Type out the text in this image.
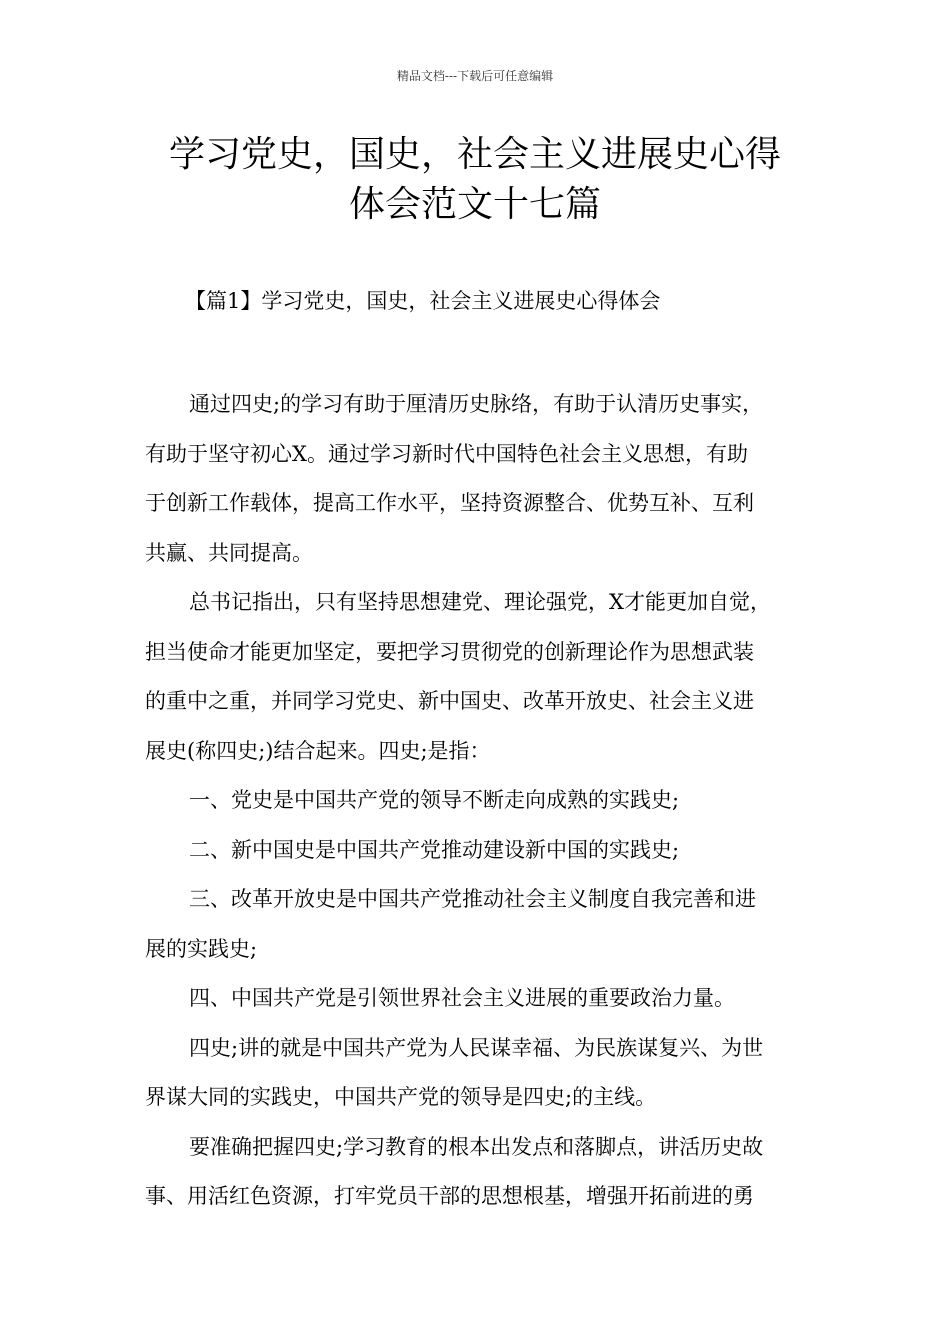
精品文档---下载后可任意编辑
学习党史，国史，社会主义进展史心得
体会范文十七篇
【篇1】学习党史，国史，社会主义进展史心得体会
通过四史;的学习有助于厘清历史脉络，有助于认清历史事实，
有助于坚守初心X。通过学习新时代中国特色社会主义思想，有助
于创新工作载体，提高工作水平，坚持资源整合、优势互补、互利
共赢、共同提高。
总书记指出，只有坚持思想建党、理论强党，X才能更加自觉，
担当使命才能更加坚定，要把学习贯彻党的创新理论作为思想武装
的重中之重，并同学习党史、新中国史、改革开放史、社会主义进
展史(称四史;)结合起来。四史;是指：
一、党史是中国共产党的领导不断走向成熟的实践史;
二、新中国史是中国共产党推动建设新中国的实践史;
三、改革开放史是中国共产党推动社会主义制度自我完善和进
展的实践史;
四、中国共产党是引领世界社会主义进展的重要政治力量。
四史;讲的就是中国共产党为人民谋幸福、为民族谋复兴、为世
界谋大同的实践史，中国共产党的领导是四史;的主线。
要准确把握四史;学习教育的根本出发点和落脚点，讲活历史故
事、用活红色资源，打牢党员干部的思想根基，增强开拓前进的勇
